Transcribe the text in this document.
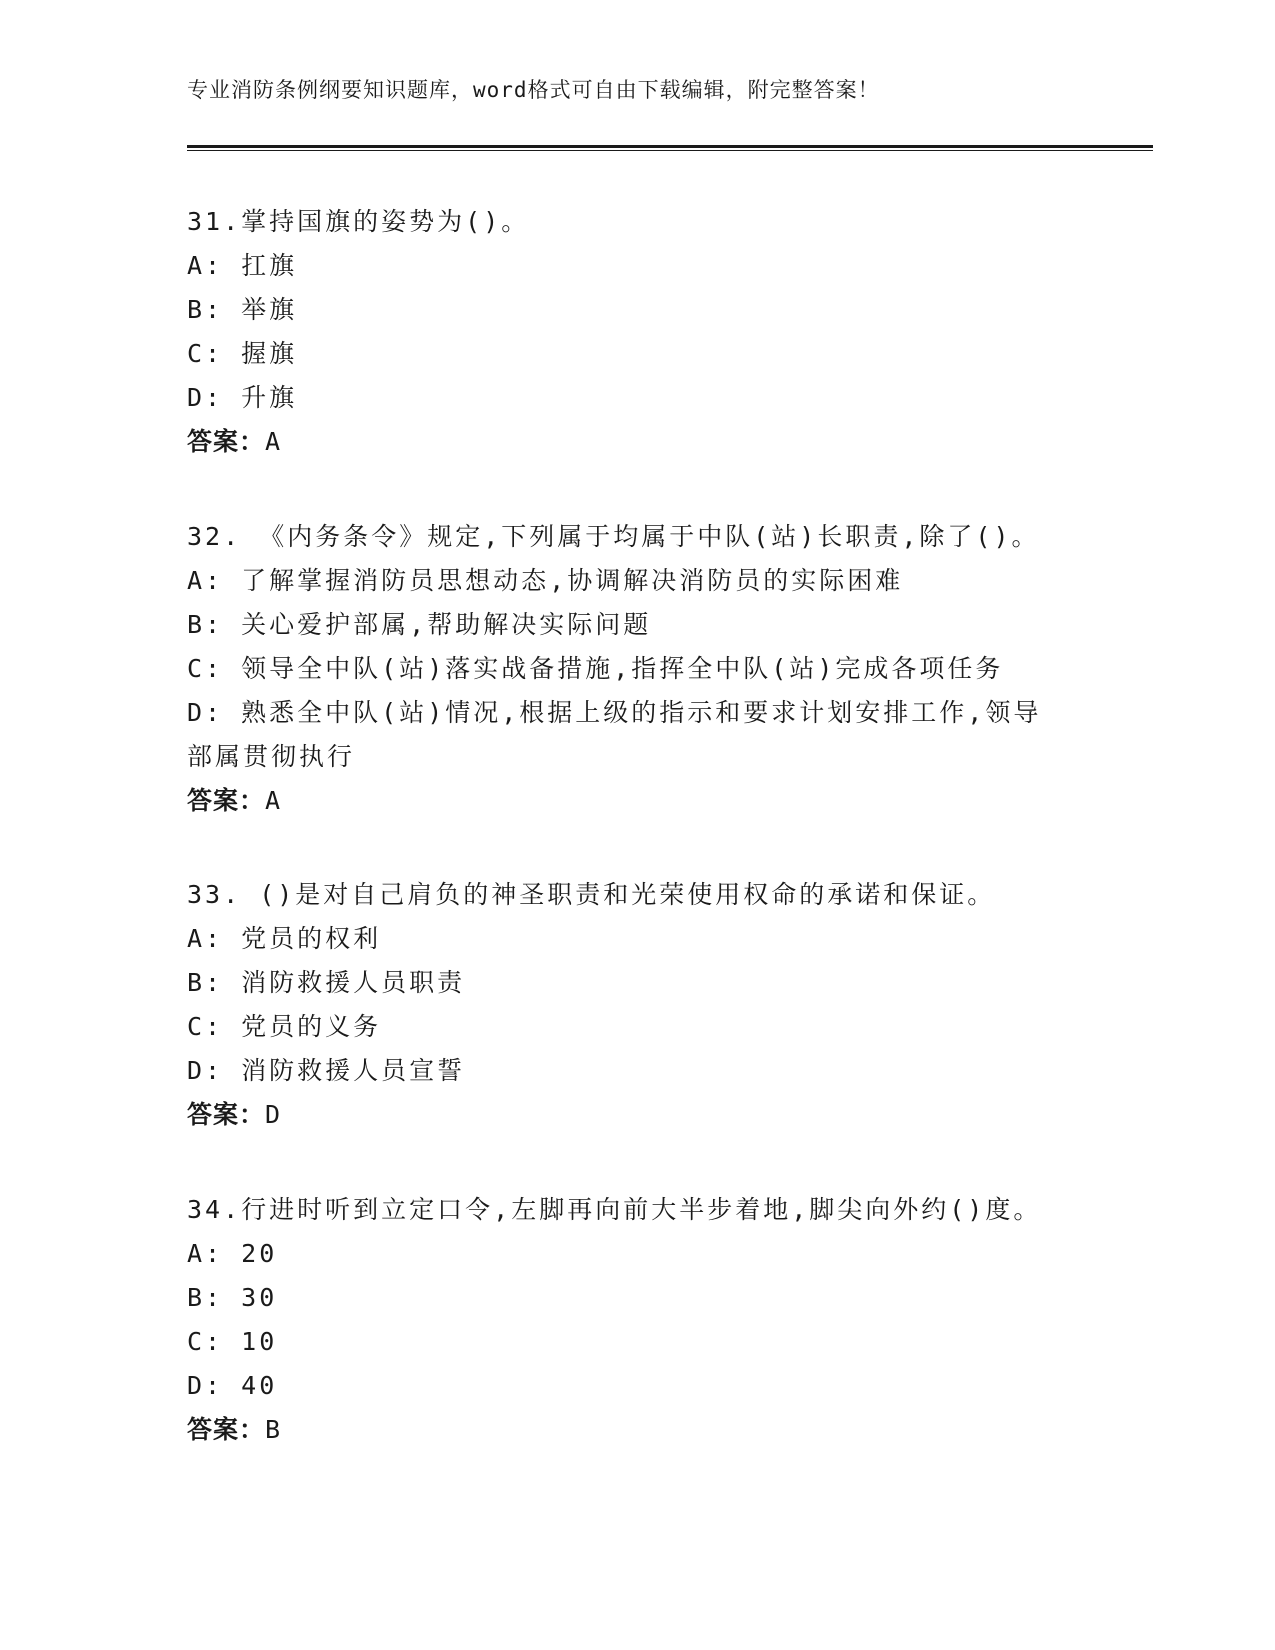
专业消防条例纲要知识题库，word格式可自由下载编辑，附完整答案！
31.掌持国旗的姿势为()。
A: 扛旗
B: 举旗
C: 握旗
D: 升旗
答案：A
32. 《内务条令》规定,下列属于均属于中队(站)长职责,除了()。
A: 了解掌握消防员思想动态,协调解决消防员的实际困难
B: 关心爱护部属,帮助解决实际问题
C: 领导全中队(站)落实战备措施,指挥全中队(站)完成各项任务
D: 熟悉全中队(站)情况,根据上级的指示和要求计划安排工作,领导部属贯彻执行
答案：A
33. ()是对自己肩负的神圣职责和光荣使用权命的承诺和保证。
A: 党员的权利
B: 消防救援人员职责
C: 党员的义务
D: 消防救援人员宣誓
答案：D
34.行进时听到立定口令,左脚再向前大半步着地,脚尖向外约()度。
A: 20
B: 30
C: 10
D: 40
答案：B
